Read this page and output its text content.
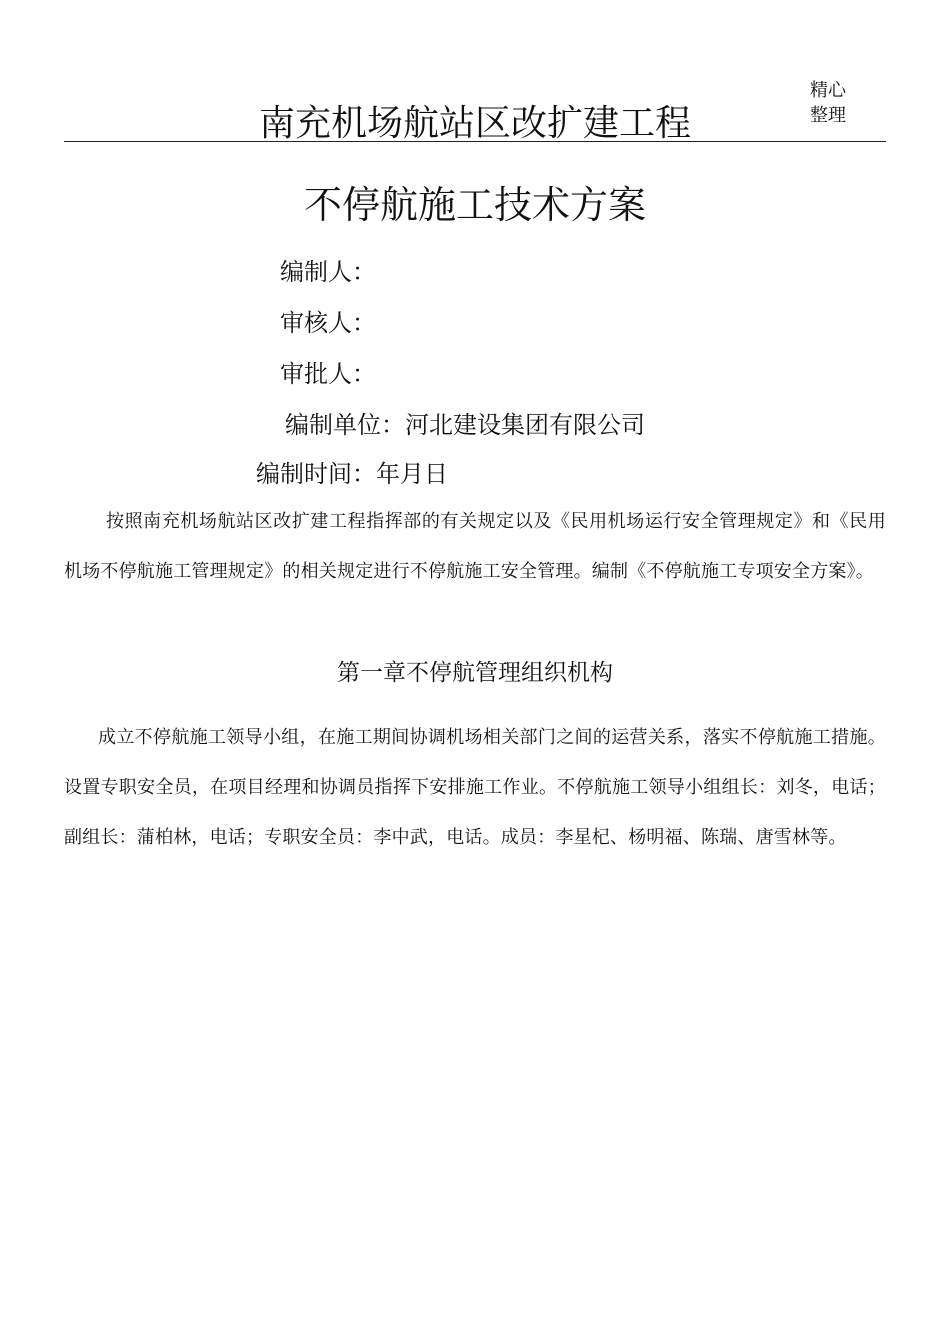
精心
整理
南充机场航站区改扩建工程
不停航施工技术方案
编制人：
审核人：
审批人：
编制单位：河北建设集团有限公司
编制时间：年月日
按照南充机场航站区改扩建工程指挥部的有关规定以及《民用机场运行安全管理规定》和《民用机场不停航施工管理规定》的相关规定进行不停航施工安全管理。编制《不停航施工专项安全方案》。
第一章不停航管理组织机构
成立不停航施工领导小组，在施工期间协调机场相关部门之间的运营关系，落实不停航施工措施。设置专职安全员，在项目经理和协调员指挥下安排施工作业。不停航施工领导小组组长：刘冬，电话；副组长：蒲柏林，电话；专职安全员：李中武，电话。成员：李星杞、杨明福、陈瑞、唐雪林等。
